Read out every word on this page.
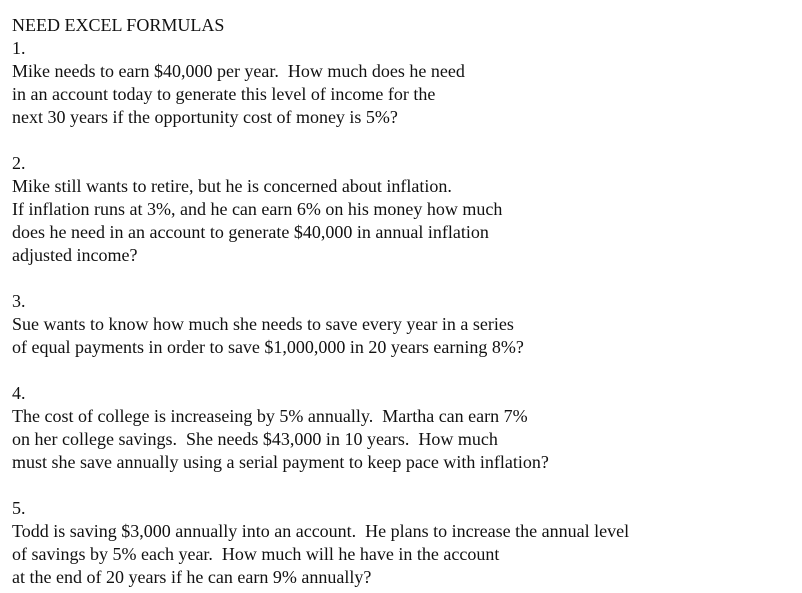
NEED EXCEL FORMULAS
1.
Mike needs to earn $40,000 per year.  How much does he need
in an account today to generate this level of income for the
next 30 years if the opportunity cost of money is 5%?
2.
Mike still wants to retire, but he is concerned about inflation.
If inflation runs at 3%, and he can earn 6% on his money how much
does he need in an account to generate $40,000 in annual inflation
adjusted income?
3.
Sue wants to know how much she needs to save every year in a series
of equal payments in order to save $1,000,000 in 20 years earning 8%?
4.
The cost of college is increaseing by 5% annually.  Martha can earn 7%
on her college savings.  She needs $43,000 in 10 years.  How much
must she save annually using a serial payment to keep pace with inflation?
5.
Todd is saving $3,000 annually into an account.  He plans to increase the annual level
of savings by 5% each year.  How much will he have in the account
at the end of 20 years if he can earn 9% annually?
